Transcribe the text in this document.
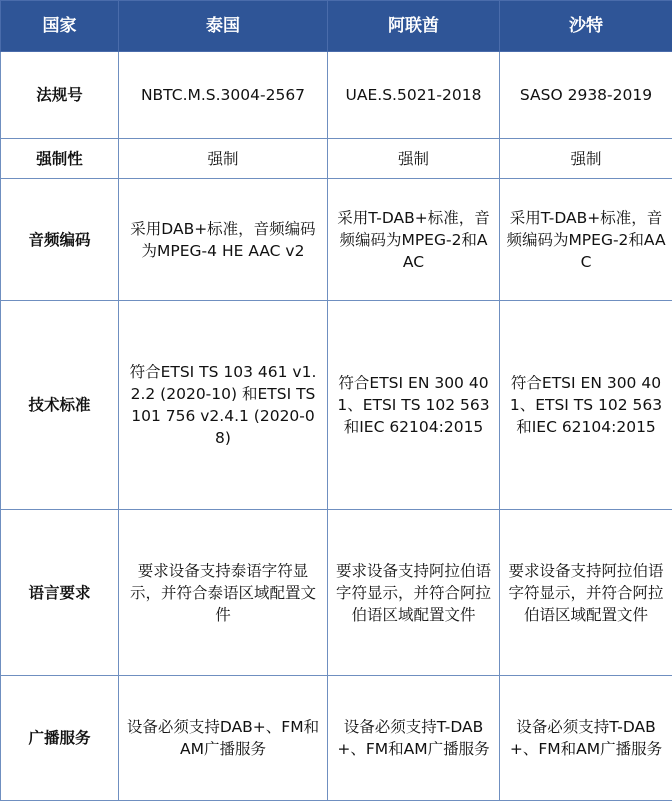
国家	泰国	阿联酋	沙特
法规号	NBTC.M.S.3004-2567	UAE.S.5021-2018	SASO 2938-2019
强制性	强制	强制	强制
音频编码	采用DAB+标准，音频编码为MPEG-4 HE AAC v2	采用T-DAB+标准，音频编码为MPEG-2和AAC	采用T-DAB+标准，音频编码为MPEG-2和AAC
技术标准	符合ETSI TS 103 461 v1.2.2 (2020-10) 和ETSI TS 101 756 v2.4.1 (2020-08)	符合ETSI EN 300 401、ETSI TS 102 563和IEC 62104:2015	符合ETSI EN 300 401、ETSI TS 102 563和IEC 62104:2015
语言要求	要求设备支持泰语字符显示，并符合泰语区域配置文件	要求设备支持阿拉伯语字符显示，并符合阿拉伯语区域配置文件	要求设备支持阿拉伯语字符显示，并符合阿拉伯语区域配置文件
广播服务	设备必须支持DAB+、FM和AM广播服务	设备必须支持T-DAB+、FM和AM广播服务	设备必须支持T-DAB+、FM和AM广播服务
